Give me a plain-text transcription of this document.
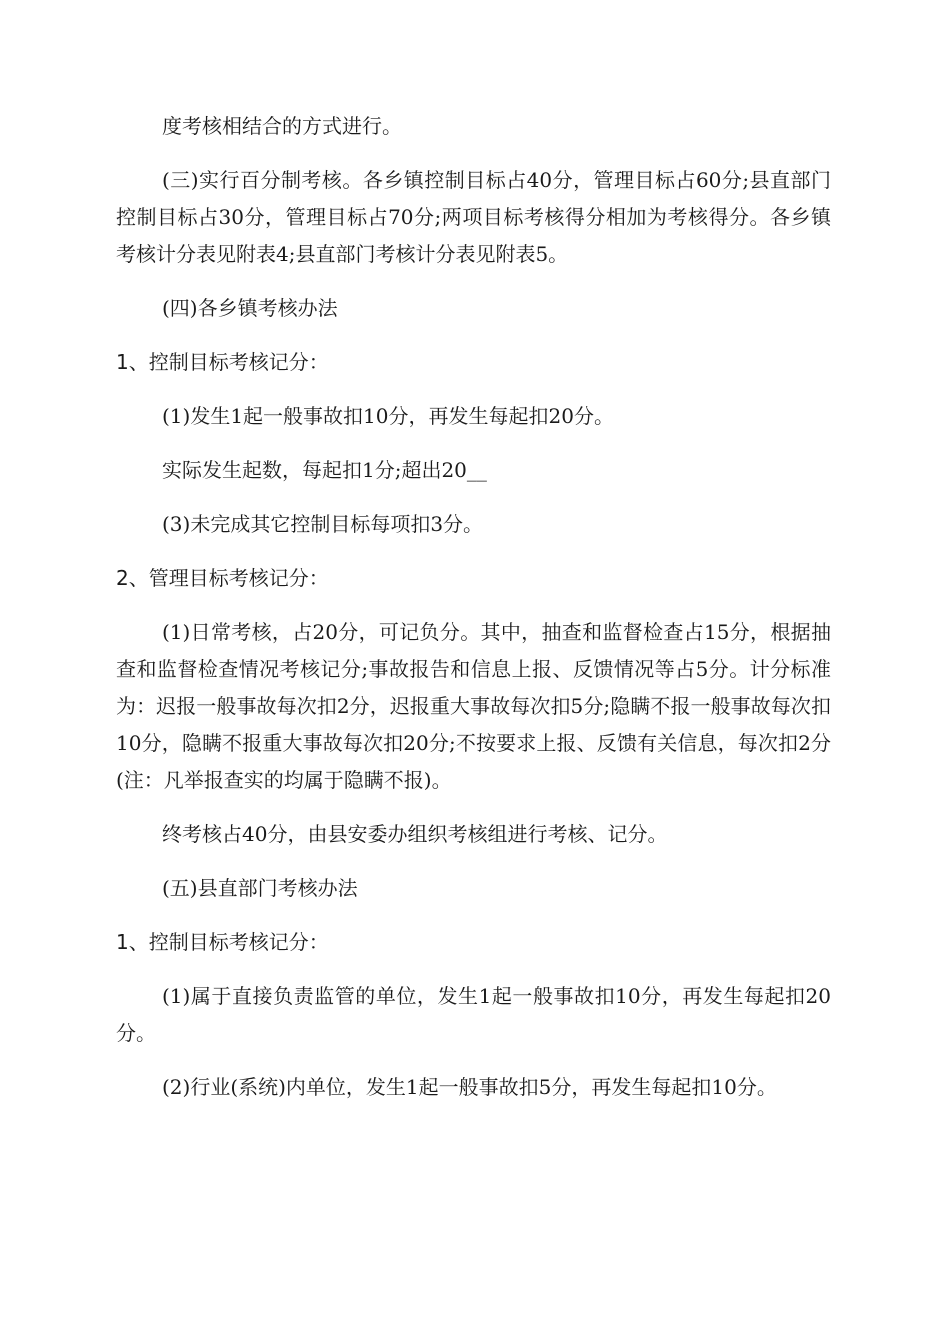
度考核相结合的方式进行。

(三)实行百分制考核。各乡镇控制目标占40分，管理目标占60分;县直部门控制目标占30分，管理目标占70分;两项目标考核得分相加为考核得分。各乡镇考核计分表见附表4;县直部门考核计分表见附表5。

(四)各乡镇考核办法

1、控制目标考核记分：

(1)发生1起一般事故扣10分，再发生每起扣20分。

实际发生起数，每起扣1分;超出20__

(3)未完成其它控制目标每项扣3分。

2、管理目标考核记分：

(1)日常考核，占20分，可记负分。其中，抽查和监督检查占15分，根据抽查和监督检查情况考核记分;事故报告和信息上报、反馈情况等占5分。计分标准为：迟报一般事故每次扣2分，迟报重大事故每次扣5分;隐瞒不报一般事故每次扣10分，隐瞒不报重大事故每次扣20分;不按要求上报、反馈有关信息，每次扣2分(注：凡举报查实的均属于隐瞒不报)。

终考核占40分，由县安委办组织考核组进行考核、记分。

(五)县直部门考核办法

1、控制目标考核记分：

(1)属于直接负责监管的单位，发生1起一般事故扣10分，再发生每起扣20分。

(2)行业(系统)内单位，发生1起一般事故扣5分，再发生每起扣10分。
